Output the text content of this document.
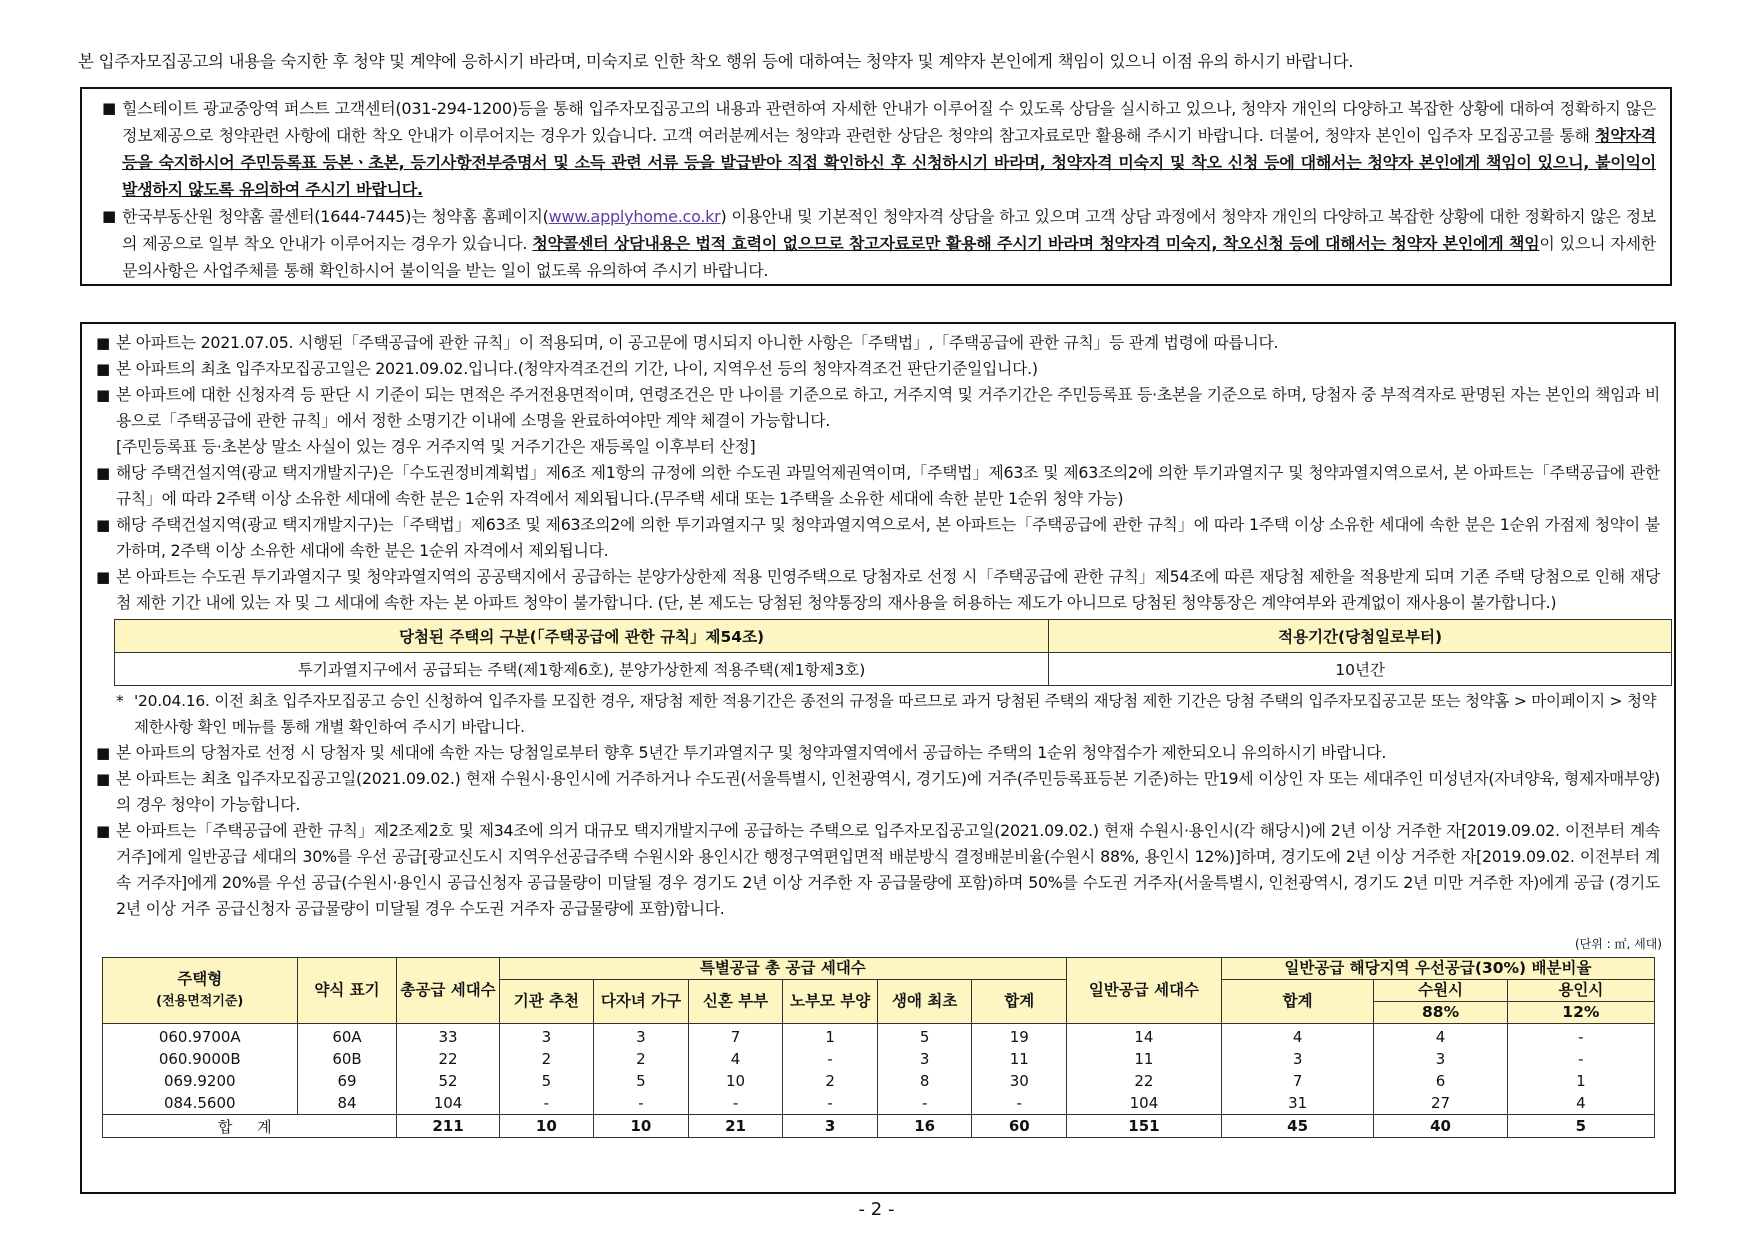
본 입주자모집공고의 내용을 숙지한 후 청약 및 계약에 응하시기 바라며, 미숙지로 인한 착오 행위 등에 대하여는 청약자 및 계약자 본인에게 책임이 있으니 이점 유의 하시기 바랍니다.
■ 힐스테이트 광교중앙역 퍼스트 고객센터(031-294-1200)등을 통해 입주자모집공고의 내용과 관련하여 자세한 안내가 이루어질 수 있도록 상담을 실시하고 있으나, 청약자 개인의 다양하고 복잡한 상황에 대하여 정확하지 않은 정보제공으로 청약관련 사항에 대한 착오 안내가 이루어지는 경우가 있습니다. 고객 여러분께서는 청약과 관련한 상담은 청약의 참고자료로만 활용해 주시기 바랍니다. 더불어, 청약자 본인이 입주자 모집공고를 통해 청약자격 등을 숙지하시어 주민등록표 등본ㆍ초본, 등기사항전부증명서 및 소득 관련 서류 등을 발급받아 직접 확인하신 후 신청하시기 바라며, 청약자격 미숙지 및 착오 신청 등에 대해서는 청약자 본인에게 책임이 있으니, 불이익이 발생하지 않도록 유의하여 주시기 바랍니다.
■ 한국부동산원 청약홈 콜센터(1644-7445)는 청약홈 홈페이지(www.applyhome.co.kr) 이용안내 및 기본적인 청약자격 상담을 하고 있으며 고객 상담 과정에서 청약자 개인의 다양하고 복잡한 상황에 대한 정확하지 않은 정보의 제공으로 일부 착오 안내가 이루어지는 경우가 있습니다. 청약콜센터 상담내용은 법적 효력이 없으므로 참고자료로만 활용해 주시기 바라며 청약자격 미숙지, 착오신청 등에 대해서는 청약자 본인에게 책임이 있으니 자세한 문의사항은 사업주체를 통해 확인하시어 불이익을 받는 일이 없도록 유의하여 주시기 바랍니다.
■ 본 아파트는 2021.07.05. 시행된「주택공급에 관한 규칙」이 적용되며, 이 공고문에 명시되지 아니한 사항은「주택법」,「주택공급에 관한 규칙」등 관계 법령에 따릅니다.
■ 본 아파트의 최초 입주자모집공고일은 2021.09.02.입니다.(청약자격조건의 기간, 나이, 지역우선 등의 청약자격조건 판단기준일입니다.)
■ 본 아파트에 대한 신청자격 등 판단 시 기준이 되는 면적은 주거전용면적이며, 연령조건은 만 나이를 기준으로 하고, 거주지역 및 거주기간은 주민등록표 등·초본을 기준으로 하며, 당첨자 중 부적격자로 판명된 자는 본인의 책임과 비용으로「주택공급에 관한 규칙」에서 정한 소명기간 이내에 소명을 완료하여야만 계약 체결이 가능합니다.
[주민등록표 등·초본상 말소 사실이 있는 경우 거주지역 및 거주기간은 재등록일 이후부터 산정]
■ 해당 주택건설지역(광교 택지개발지구)은「수도권정비계획법」제6조 제1항의 규정에 의한 수도권 과밀억제권역이며,「주택법」제63조 및 제63조의2에 의한 투기과열지구 및 청약과열지역으로서, 본 아파트는「주택공급에 관한 규칙」에 따라 2주택 이상 소유한 세대에 속한 분은 1순위 자격에서 제외됩니다.(무주택 세대 또는 1주택을 소유한 세대에 속한 분만 1순위 청약 가능)
■ 해당 주택건설지역(광교 택지개발지구)는「주택법」제63조 및 제63조의2에 의한 투기과열지구 및 청약과열지역으로서, 본 아파트는「주택공급에 관한 규칙」에 따라 1주택 이상 소유한 세대에 속한 분은 1순위 가점제 청약이 불가하며, 2주택 이상 소유한 세대에 속한 분은 1순위 자격에서 제외됩니다.
■ 본 아파트는 수도권 투기과열지구 및 청약과열지역의 공공택지에서 공급하는 분양가상한제 적용 민영주택으로 당첨자로 선정 시「주택공급에 관한 규칙」제54조에 따른 재당첨 제한을 적용받게 되며 기존 주택 당첨으로 인해 재당첨 제한 기간 내에 있는 자 및 그 세대에 속한 자는 본 아파트 청약이 불가합니다. (단, 본 제도는 당첨된 청약통장의 재사용을 허용하는 제도가 아니므로 당첨된 청약통장은 계약여부와 관계없이 재사용이 불가합니다.)
당첨된 주택의 구분(「주택공급에 관한 규칙」제54조)	적용기간(당첨일로부터)
투기과열지구에서 공급되는 주택(제1항제6호), 분양가상한제 적용주택(제1항제3호)	10년간
* '20.04.16. 이전 최초 입주자모집공고 승인 신청하여 입주자를 모집한 경우, 재당첨 제한 적용기간은 종전의 규정을 따르므로 과거 당첨된 주택의 재당첨 제한 기간은 당첨 주택의 입주자모집공고문 또는 청약홈 > 마이페이지 > 청약제한사항 확인 메뉴를 통해 개별 확인하여 주시기 바랍니다.
■ 본 아파트의 당첨자로 선정 시 당첨자 및 세대에 속한 자는 당첨일로부터 향후 5년간 투기과열지구 및 청약과열지역에서 공급하는 주택의 1순위 청약접수가 제한되오니 유의하시기 바랍니다.
■ 본 아파트는 최초 입주자모집공고일(2021.09.02.) 현재 수원시·용인시에 거주하거나 수도권(서울특별시, 인천광역시, 경기도)에 거주(주민등록표등본 기준)하는 만19세 이상인 자 또는 세대주인 미성년자(자녀양육, 형제자매부양)의 경우 청약이 가능합니다.
■ 본 아파트는「주택공급에 관한 규칙」제2조제2호 및 제34조에 의거 대규모 택지개발지구에 공급하는 주택으로 입주자모집공고일(2021.09.02.) 현재 수원시·용인시(각 해당시)에 2년 이상 거주한 자[2019.09.02. 이전부터 계속 거주]에게 일반공급 세대의 30%를 우선 공급[광교신도시 지역우선공급주택 수원시와 용인시간 행정구역편입면적 배분방식 결정배분비율(수원시 88%, 용인시 12%)]하며, 경기도에 2년 이상 거주한 자[2019.09.02. 이전부터 계속 거주자]에게 20%를 우선 공급(수원시·용인시 공급신청자 공급물량이 미달될 경우 경기도 2년 이상 거주한 자 공급물량에 포함)하며 50%를 수도권 거주자(서울특별시, 인천광역시, 경기도 2년 미만 거주한 자)에게 공급 (경기도 2년 이상 거주 공급신청자 공급물량이 미달될 경우 수도권 거주자 공급물량에 포함)합니다.
(단위 : ㎡, 세대)
주택형
(전용면적기준)	약식 표기	총공급 세대수	특별공급 총 공급 세대수						일반공급 세대수	일반공급 해당지역 우선공급(30%) 배분비율		
			기관 추천	다자녀 가구	신혼 부부	노부모 부양	생애 최초	합계		합계	수원시	용인시
											88%	12%
060.9700A	60A	33	3	3	7	1	5	19	14	4	4	-
060.9000B	60B	22	2	2	4	-	3	11	11	3	3	-
069.9200	69	52	5	5	10	2	8	30	22	7	6	1
084.5600	84	104	-	-	-	-	-	-	104	31	27	4
합 계		211	10	10	21	3	16	60	151	45	40	5
- 2 -
